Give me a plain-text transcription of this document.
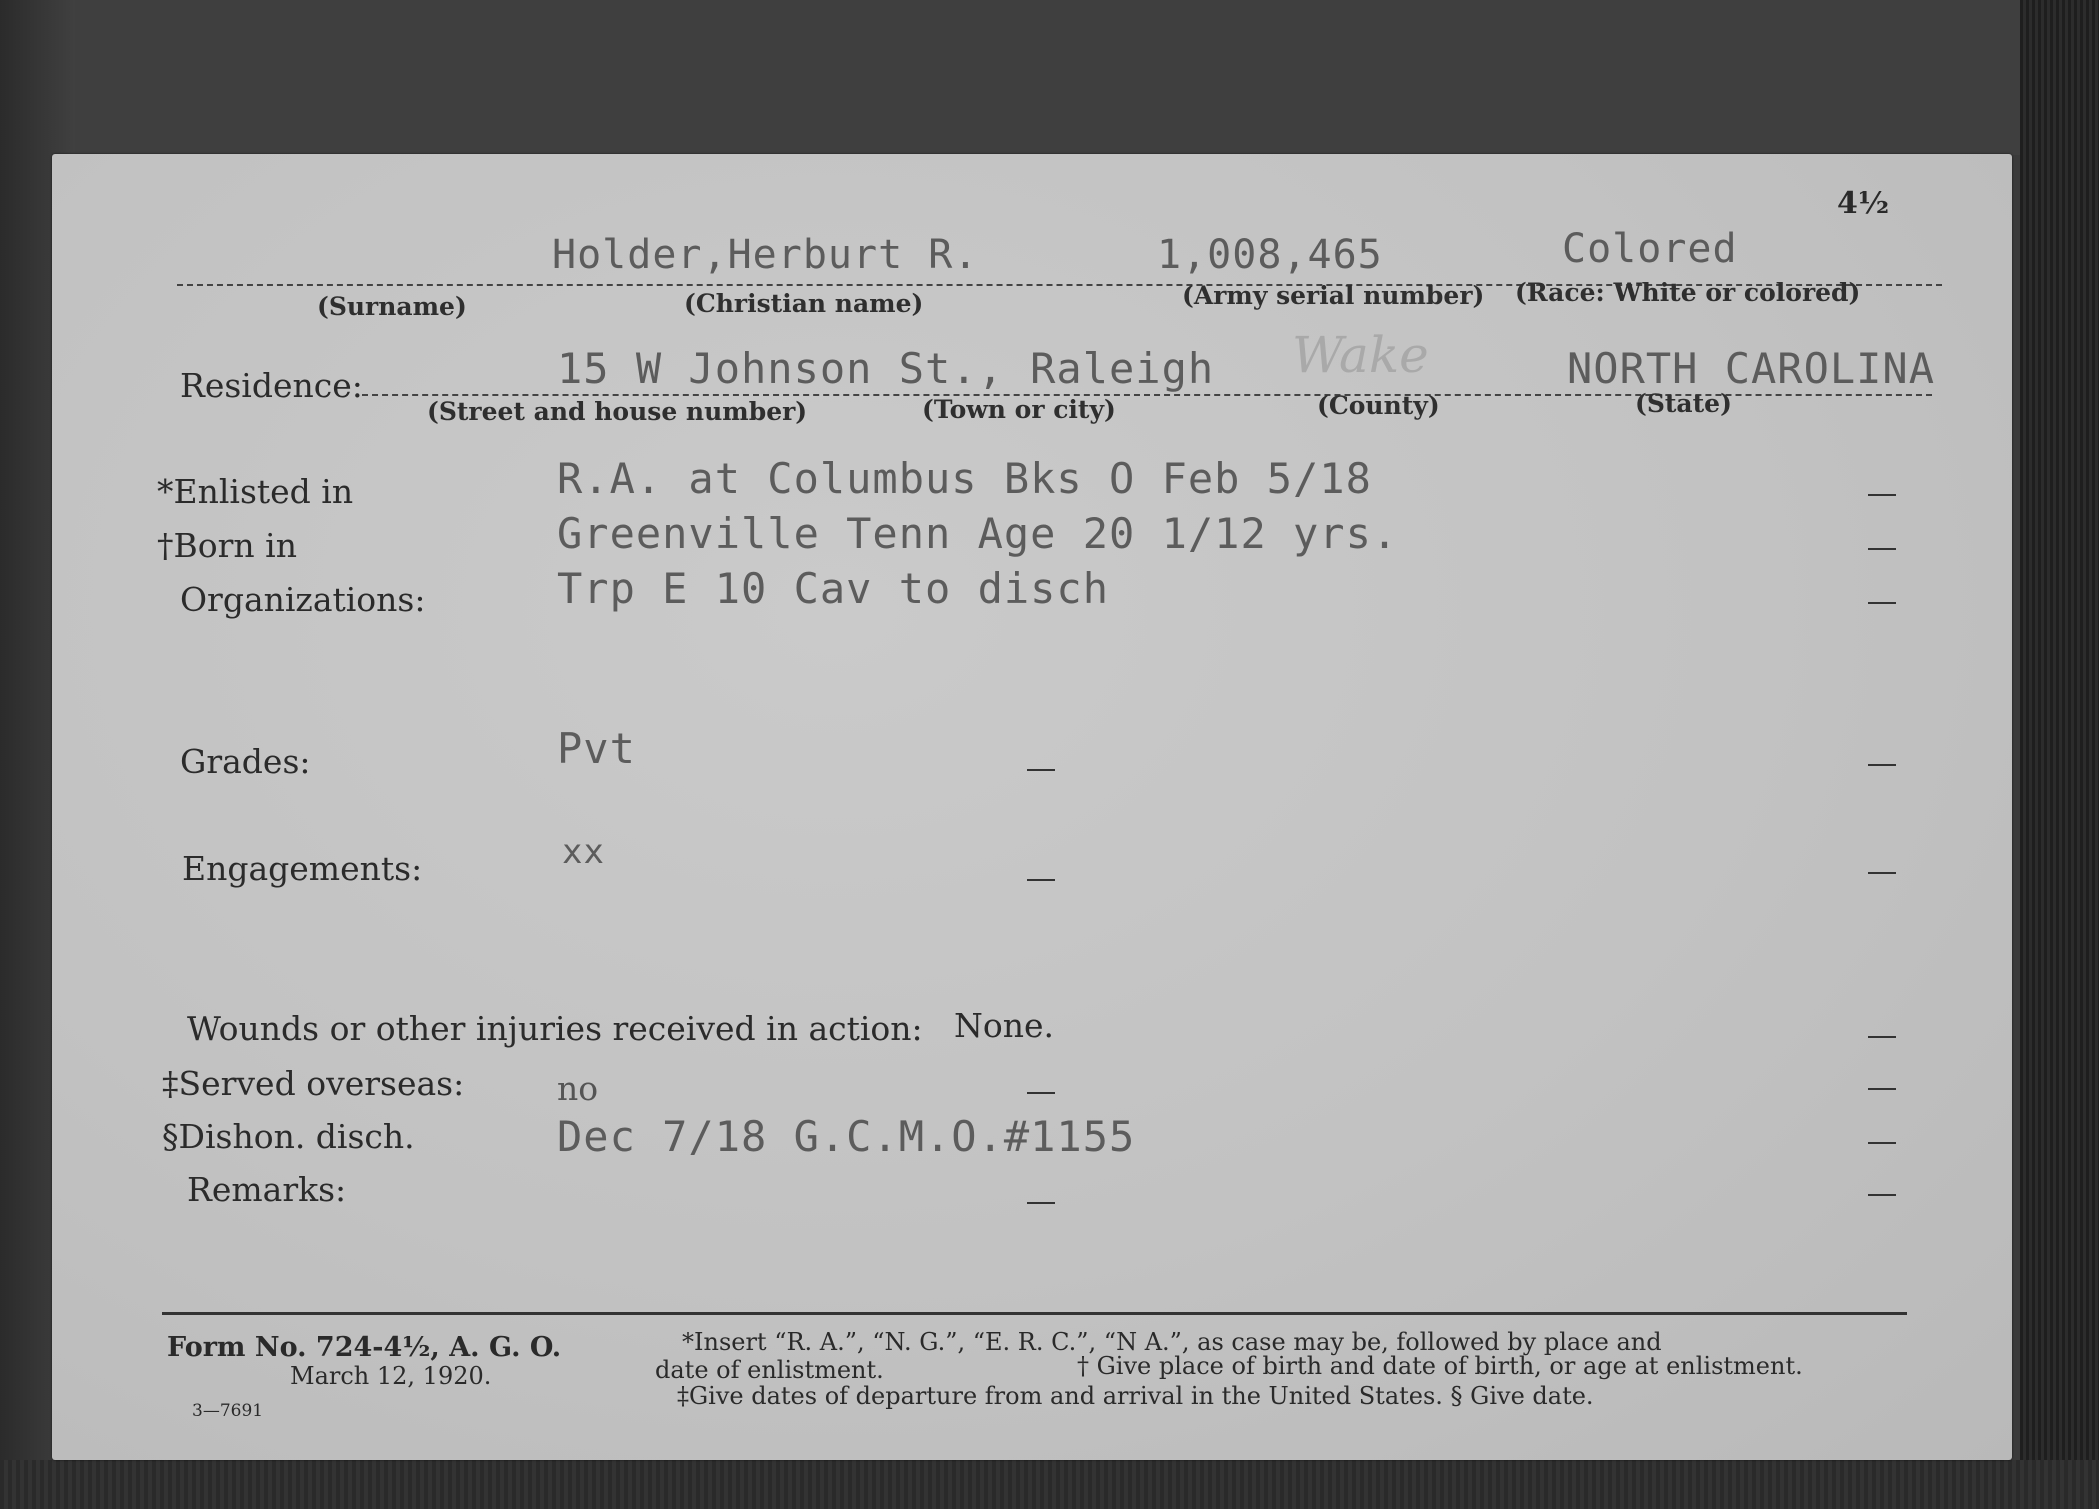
4½
Holder,Herburt R.	1,008,465	Colored
(Surname)	(Christian name)	(Army serial number) (Race: White or colored)
Residence:	15 W Johnson St., Raleigh Wake	NORTH CAROLINA
(Street and house number)	(Town or city)	(County)	(State)
*Enlisted in	R.A. at Columbus Bks O Feb 5/18
†Born in	Greenville Tenn Age 20 1/12 yrs.
Organizations:	Trp E 10 Cav to disch
Grades:	Pvt
Engagements:	xx
Wounds or other injuries received in action: None.
‡Served overseas:	no
§Dishon. disch.	Dec 7/18 G.C.M.O.#1155
Remarks:
Form No. 724-4½, A. G. O.
March 12, 1920.
3—7691
*Insert “R. A.”, “N. G.”, “E. R. C.”, “N A.”, as case may be, followed by place and
date of enlistment.	† Give place of birth and date of birth, or age at enlistment.
‡Give dates of departure from and arrival in the United States. § Give date.
